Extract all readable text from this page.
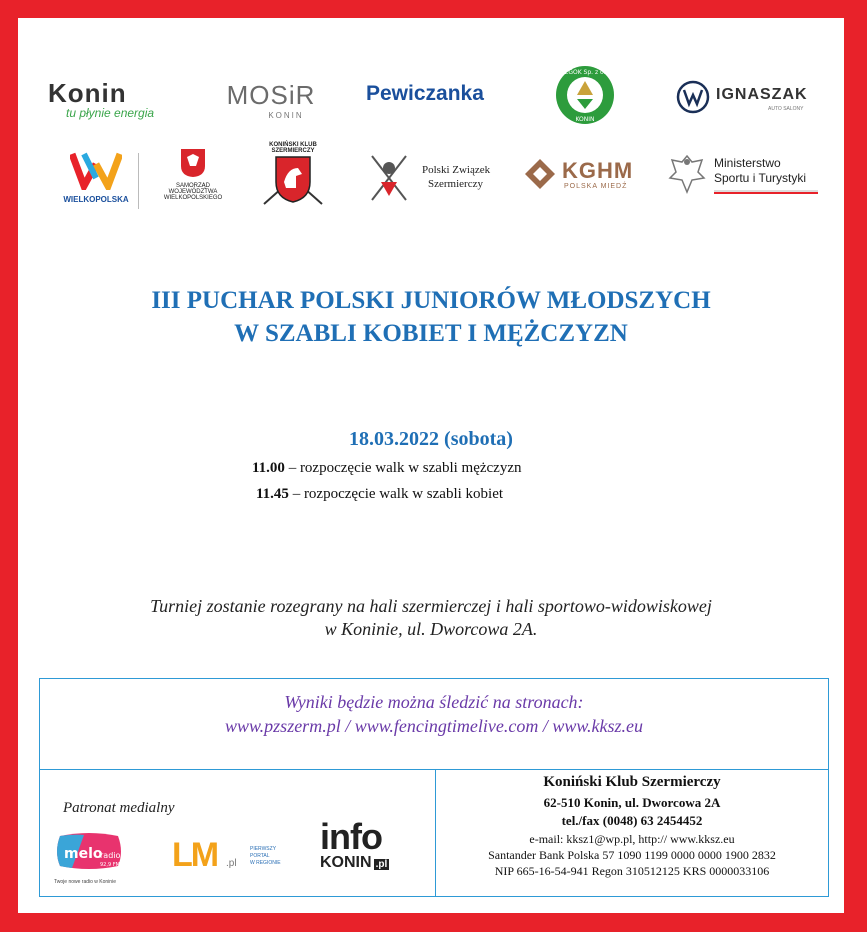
Konin
tu płynie energia
MOSiR
KONIN
Pewiczanka
MZGOK Sp. z o.o.
KONIN
IGNASZAK
AUTO SALONY
WIELKOPOLSKA
SAMORZĄD
WOJEWÓDZTWA
WIELKOPOLSKIEGO
KONIŃSKI KLUB
SZERMIERCZY
Polski Związek
Szermierczy
KGHM
POLSKA MIEDŹ
Ministerstwo
Sportu i Turystyki
III PUCHAR POLSKI JUNIORÓW MŁODSZYCH
W SZABLI KOBIET I MĘŻCZYZN
18.03.2022 (sobota)
11.00 – rozpoczęcie walk w szabli mężczyzn
11.45 – rozpoczęcie walk w szabli kobiet
Turniej zostanie rozegrany na hali szermierczej i hali sportowo-widowiskowej
w Koninie, ul. Dworcowa 2A.
Wyniki będzie można śledzić na stronach:
www.pzszerm.pl / www.fencingtimelive.com / www.kksz.eu
Patronat medialny
melo
radio
92,9 FM
Twoje nowe radio w Koninie
LM .pl
PIERWSZY
PORTAL
W REGIONIE
info
KONIN .pl
Koniński Klub Szermierczy
62-510 Konin, ul. Dworcowa 2A
tel./fax (0048) 63 2454452
e-mail: kksz1@wp.pl, http:// www.kksz.eu
Santander Bank Polska 57 1090 1199 0000 0000 1900 2832
NIP 665-16-54-941 Regon 310512125 KRS 0000033106
